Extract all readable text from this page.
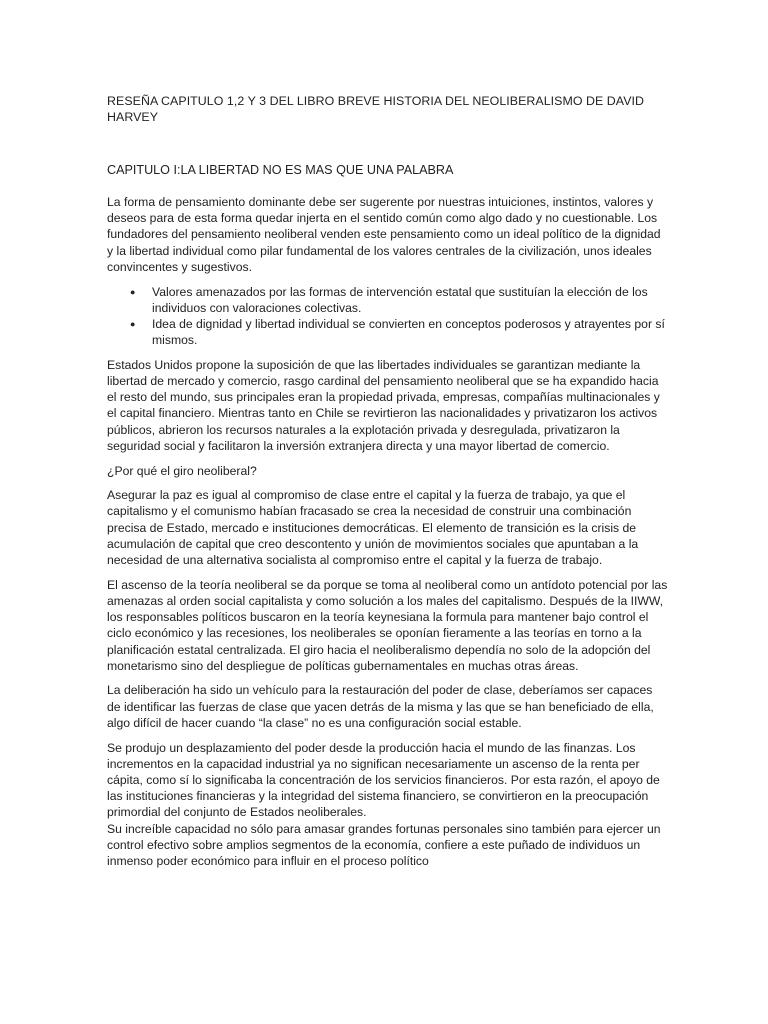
RESEÑA CAPITULO 1,2 Y 3 DEL LIBRO BREVE HISTORIA DEL NEOLIBERALISMO DE DAVID HARVEY
CAPITULO I:LA LIBERTAD NO ES MAS QUE UNA PALABRA

La forma de pensamiento dominante debe ser sugerente por nuestras intuiciones, instintos, valores y deseos para de esta forma quedar injerta en el sentido común como algo dado y no cuestionable. Los fundadores del pensamiento neoliberal venden este pensamiento como un ideal político de la dignidad y la libertad individual como pilar fundamental de los valores centrales de la civilización, unos ideales convincentes y sugestivos.

● Valores amenazados por las formas de intervención estatal que sustituían la elección de los individuos con valoraciones colectivas.
● Idea de dignidad y libertad individual se convierten en conceptos poderosos y atrayentes por sí mismos.

Estados Unidos propone la suposición de que las libertades individuales se garantizan mediante la libertad de mercado y comercio, rasgo cardinal del pensamiento neoliberal que se ha expandido hacia el resto del mundo, sus principales eran la propiedad privada, empresas, compañías multinacionales y el capital financiero. Mientras tanto en Chile se revirtieron las nacionalidades y privatizaron los activos públicos, abrieron los recursos naturales a la explotación privada y desregulada, privatizaron la seguridad social y facilitaron la inversión extranjera directa y una mayor libertad de comercio.

¿Por qué el giro neoliberal?

Asegurar la paz es igual al compromiso de clase entre el capital y la fuerza de trabajo, ya que el capitalismo y el comunismo habían fracasado se crea la necesidad de construir una combinación precisa de Estado, mercado e instituciones democráticas. El elemento de transición es la crisis de acumulación de capital que creo descontento y unión de movimientos sociales que apuntaban a la necesidad de una alternativa socialista al compromiso entre el capital y la fuerza de trabajo.

El ascenso de la teoría neoliberal se da porque se toma al neoliberal como un antídoto potencial por las amenazas al orden social capitalista y como solución a los males del capitalismo. Después de la IIWW, los responsables políticos buscaron en la teoría keynesiana la formula para mantener bajo control el ciclo económico y las recesiones, los neoliberales se oponían fieramente a las teorías en torno a la planificación estatal centralizada. El giro hacia el neoliberalismo dependía no solo de la adopción del monetarismo sino del despliegue de políticas gubernamentales en muchas otras áreas.

La deliberación ha sido un vehículo para la restauración del poder de clase, deberíamos ser capaces de identificar las fuerzas de clase que yacen detrás de la misma y las que se han beneficiado de ella, algo difícil de hacer cuando “la clase” no es una configuración social estable.

Se produjo un desplazamiento del poder desde la producción hacia el mundo de las finanzas. Los incrementos en la capacidad industrial ya no significan necesariamente un ascenso de la renta per cápita, como sí lo significaba la concentración de los servicios financieros. Por esta razón, el apoyo de las instituciones financieras y la integridad del sistema financiero, se convirtieron en la preocupación primordial del conjunto de Estados neoliberales.

Su increíble capacidad no sólo para amasar grandes fortunas personales sino también para ejercer un control efectivo sobre amplios segmentos de la economía, confiere a este puñado de individuos un inmenso poder económico para influir en el proceso político
